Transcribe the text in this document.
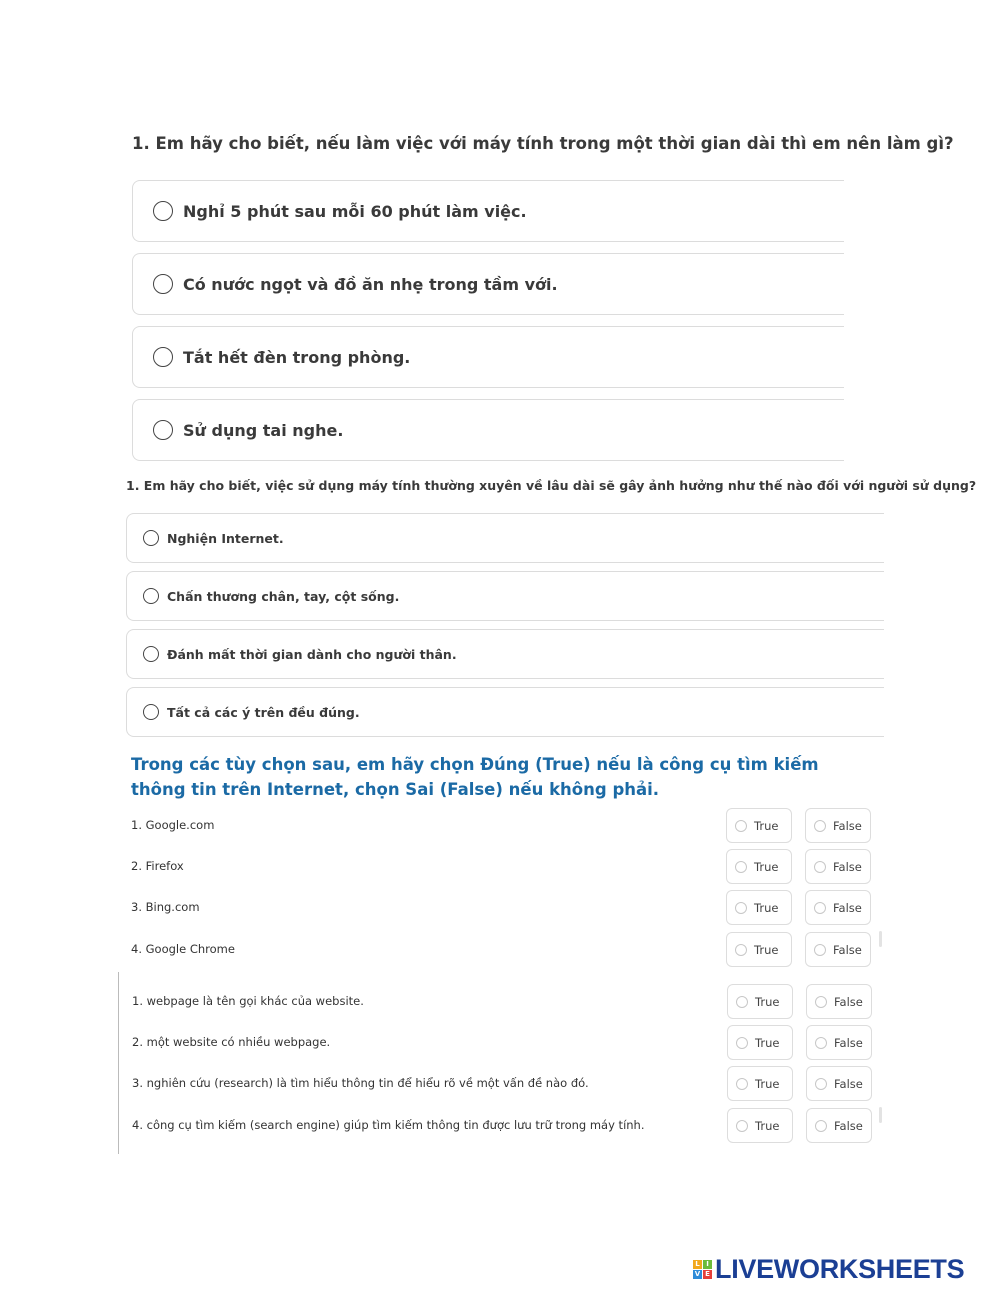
1. Em hãy cho biết, nếu làm việc với máy tính trong một thời gian dài thì em nên làm gì?
Nghỉ 5 phút sau mỗi 60 phút làm việc.
Có nước ngọt và đồ ăn nhẹ trong tầm với.
Tắt hết đèn trong phòng.
Sử dụng tai nghe.
1. Em hãy cho biết, việc sử dụng máy tính thường xuyên về lâu dài sẽ gây ảnh hưởng như thế nào đối với người sử dụng?
Nghiện Internet.
Chấn thương chân, tay, cột sống.
Đánh mất thời gian dành cho người thân.
Tất cả các ý trên đều đúng.
Trong các tùy chọn sau, em hãy chọn Đúng (True) nếu là công cụ tìm kiếm thông tin trên Internet, chọn Sai (False) nếu không phải.
1. Google.com	True	False
2. Firefox	True	False
3. Bing.com	True	False
4. Google Chrome	True	False
1. webpage là tên gọi khác của website.	True	False
2. một website có nhiều webpage.	True	False
3. nghiên cứu (research) là tìm hiểu thông tin để hiểu rõ về một vấn đề nào đó.	True	False
4. công cụ tìm kiếm (search engine) giúp tìm kiếm thông tin được lưu trữ trong máy tính.	True	False
L I
V E LIVEWORKSHEETS
